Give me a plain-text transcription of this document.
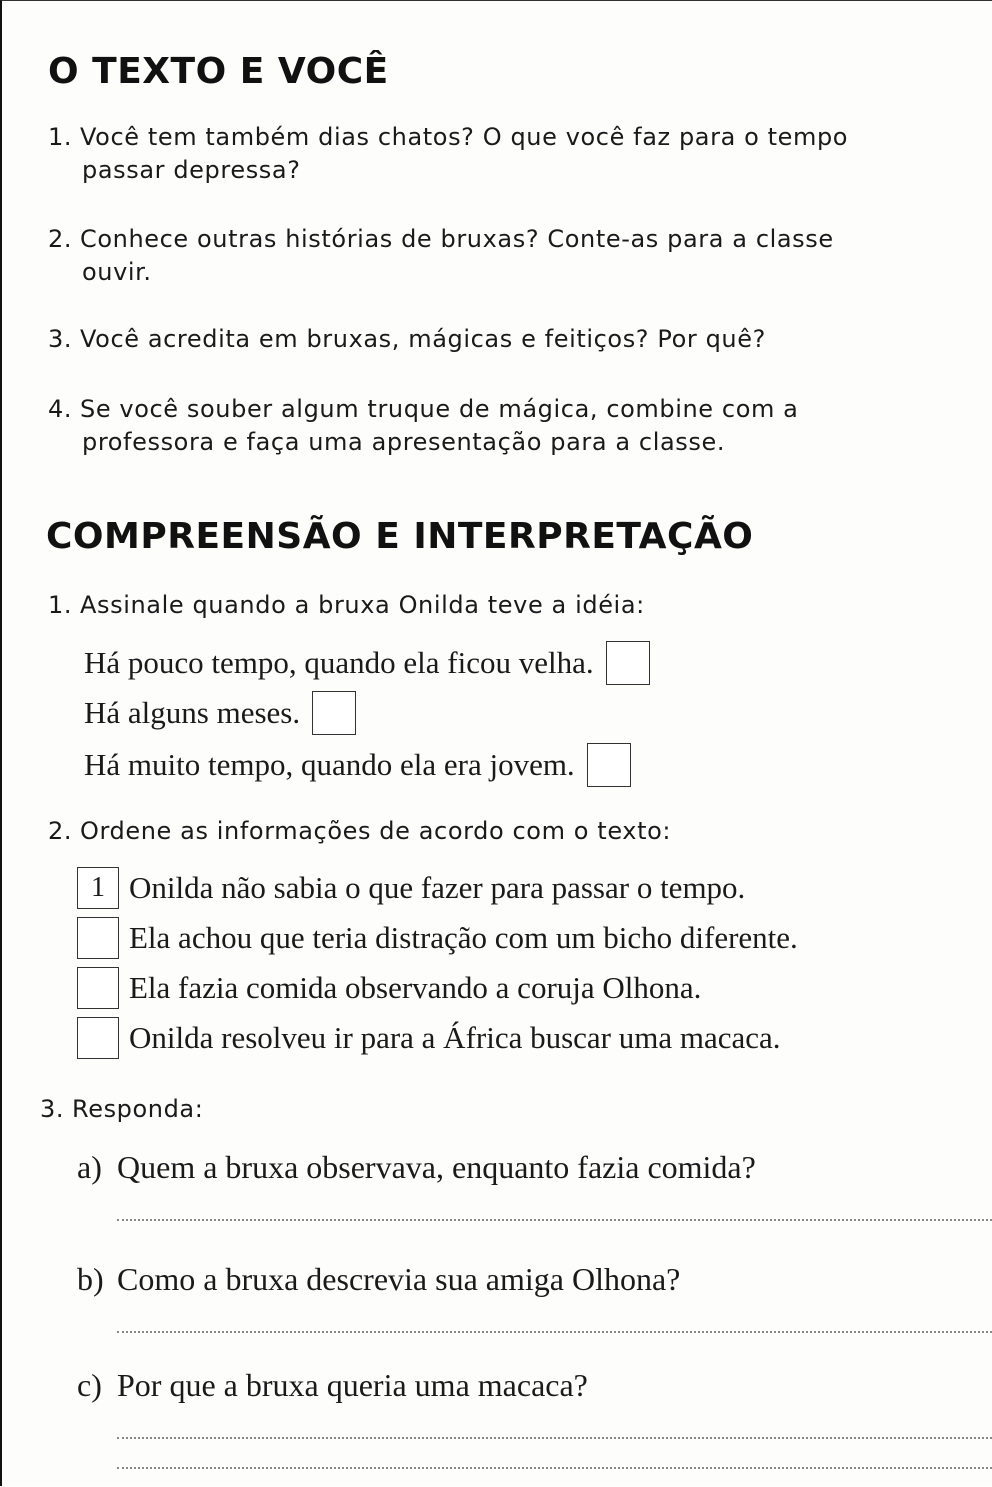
O TEXTO E VOCÊ
1. Você tem também dias chatos? O que você faz para o tempo
passar depressa?
2. Conhece outras histórias de bruxas? Conte-as para a classe
ouvir.
3. Você acredita em bruxas, mágicas e feitiços? Por quê?
4. Se você souber algum truque de mágica, combine com a
professora e faça uma apresentação para a classe.
COMPREENSÃO E INTERPRETAÇÃO
1. Assinale quando a bruxa Onilda teve a idéia:
Há pouco tempo, quando ela ficou velha.
Há alguns meses.
Há muito tempo, quando ela era jovem.
2. Ordene as informações de acordo com o texto:
1 Onilda não sabia o que fazer para passar o tempo.
Ela achou que teria distração com um bicho diferente.
Ela fazia comida observando a coruja Olhona.
Onilda resolveu ir para a África buscar uma macaca.
3. Responda:
a) Quem a bruxa observava, enquanto fazia comida?
b) Como a bruxa descrevia sua amiga Olhona?
c) Por que a bruxa queria uma macaca?
